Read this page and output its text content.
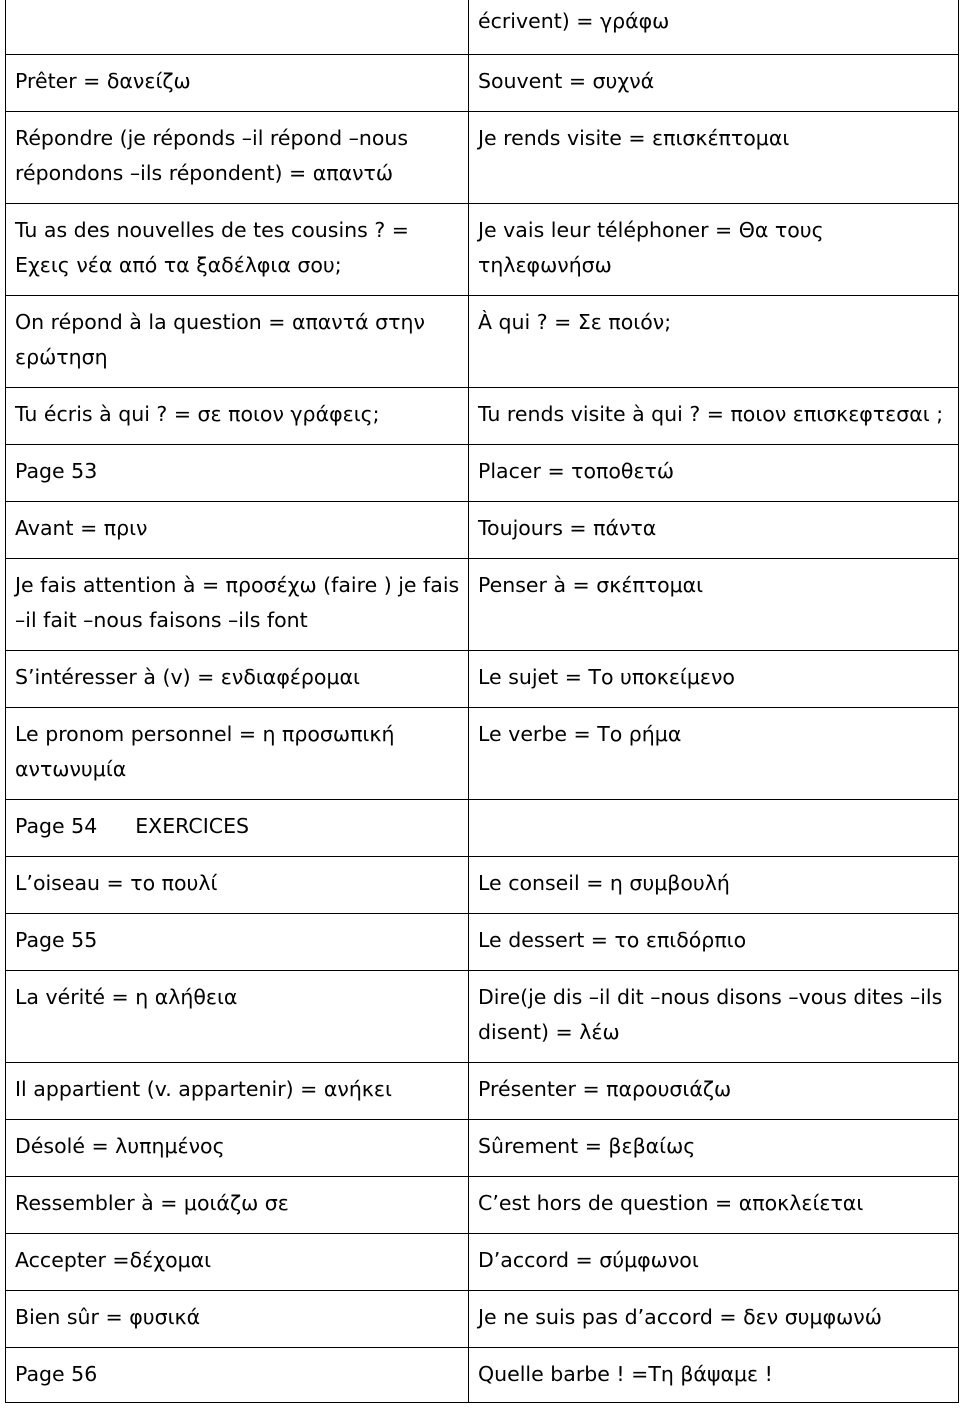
	écrivent) = γράφω
Prêter = δανείζω	Souvent = συχνά
Répondre (je réponds –il répond –nous répondons –ils répondent) = απαντώ	Je rends visite = επισκέπτομαι
Tu as des nouvelles de tes cousins ? = Εχεις νέα από τα ξαδέλφια σου;	Je vais leur téléphoner = Θα τους τηλεφωνήσω
On répond à la question = απαντά στην ερώτηση	À qui ? = Σε ποιόν;
Tu écris à qui ? = σε ποιον γράφεις;	Tu rends visite à qui ? = ποιον επισκεφτεσαι ;
Page 53	Placer = τοποθετώ
Avant = πριν	Toujours = πάντα
Je fais attention à = προσέχω (faire ) je fais –il fait –nous faisons –ils font	Penser à = σκέπτομαι
S’intéresser à (v) = ενδιαφέρομαι	Le sujet = Το υποκείμενο
Le pronom personnel = η προσωπική αντωνυμία	Le verbe = Το ρήμα
Page 54 EXERCICES	
L’oiseau = το πουλί	Le conseil = η συμβουλή
Page 55	Le dessert = το επιδόρπιο
La vérité = η αλήθεια	Dire(je dis –il dit –nous disons –vous dites –ils disent) = λέω
Il appartient (v. appartenir) = ανήκει	Présenter = παρουσιάζω
Désolé = λυπημένος	Sûrement = βεβαίως
Ressembler à = μοιάζω σε	C’est hors de question = αποκλείεται
Accepter =δέχομαι	D’accord = σύμφωνοι
Bien sûr = φυσικά	Je ne suis pas d’accord = δεν συμφωνώ
Page 56	Quelle barbe ! =Τη βάψαμε !
